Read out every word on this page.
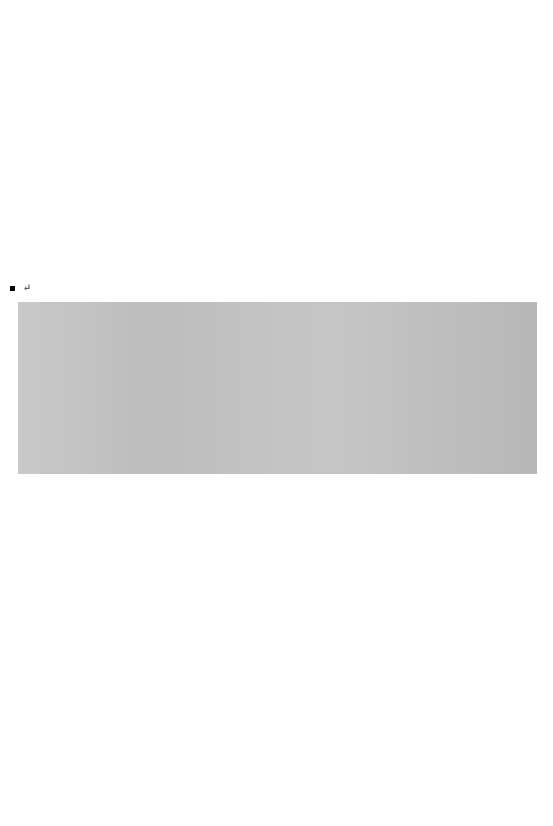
↵
